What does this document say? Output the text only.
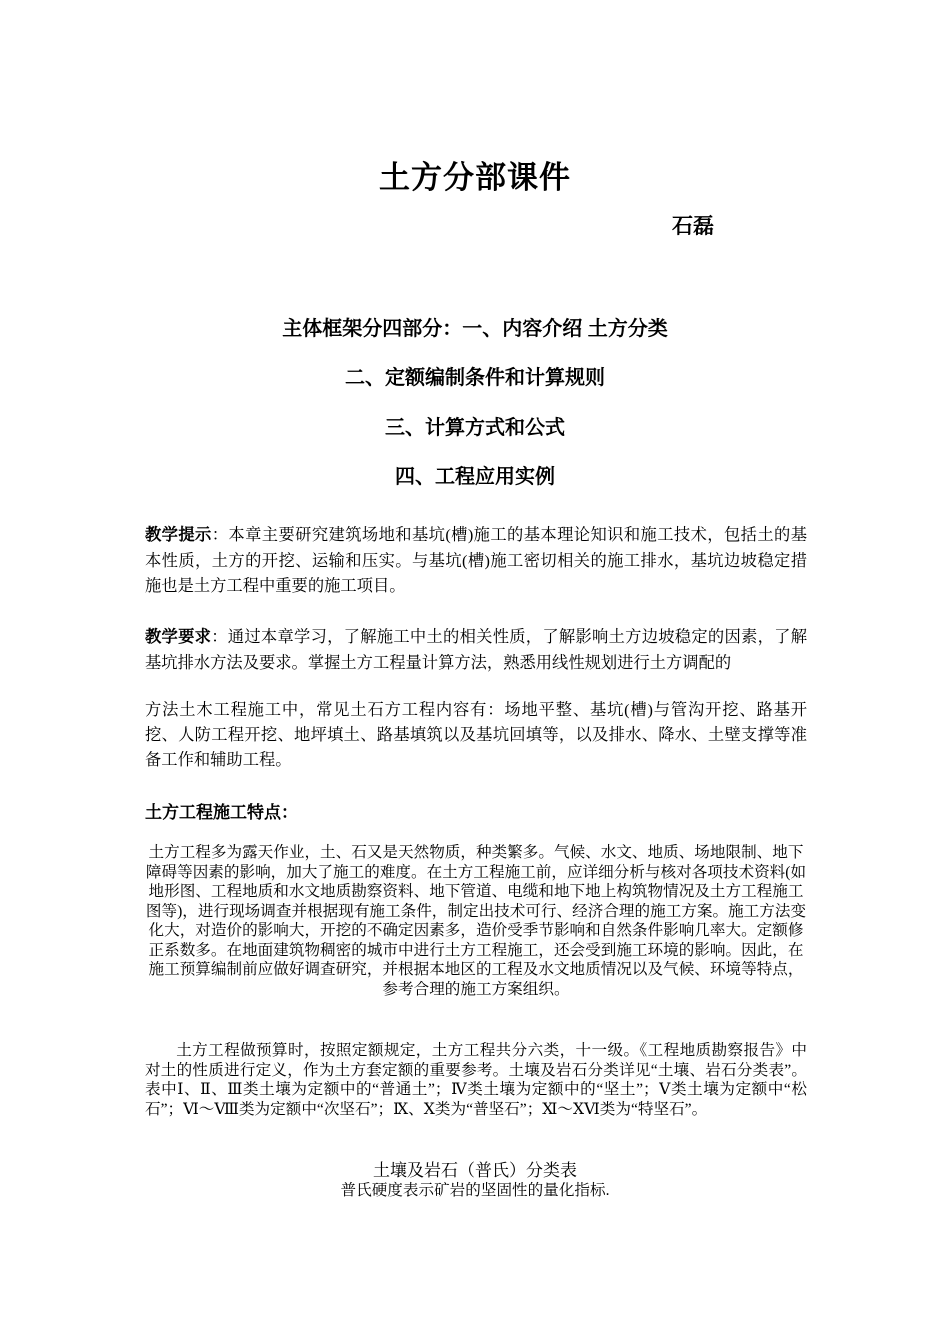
土方分部课件
石磊
主体框架分四部分：一、内容介绍 土方分类
二、定额编制条件和计算规则
三、计算方式和公式
四、工程应用实例
教学提示：本章主要研究建筑场地和基坑(槽)施工的基本理论知识和施工技术，包括土的基本性质，土方的开挖、运输和压实。与基坑(槽)施工密切相关的施工排水，基坑边坡稳定措施也是土方工程中重要的施工项目。
教学要求：通过本章学习，了解施工中土的相关性质，了解影响土方边坡稳定的因素，了解基坑排水方法及要求。掌握土方工程量计算方法，熟悉用线性规划进行土方调配的
方法土木工程施工中，常见土石方工程内容有：场地平整、基坑(槽)与管沟开挖、路基开挖、人防工程开挖、地坪填土、路基填筑以及基坑回填等，以及排水、降水、土壁支撑等准备工作和辅助工程。
土方工程施工特点：
土方工程多为露天作业，土、石又是天然物质，种类繁多。气候、水文、地质、场地限制、地下障碍等因素的影响，加大了施工的难度。在土方工程施工前，应详细分析与核对各项技术资料(如地形图、工程地质和水文地质勘察资料、地下管道、电缆和地下地上构筑物情况及土方工程施工图等)，进行现场调查并根据现有施工条件，制定出技术可行、经济合理的施工方案。施工方法变化大，对造价的影响大，开挖的不确定因素多，造价受季节影响和自然条件影响几率大。定额修正系数多。在地面建筑物稠密的城市中进行土方工程施工，还会受到施工环境的影响。因此，在施工预算编制前应做好调查研究，并根据本地区的工程及水文地质情况以及气候、环境等特点，参考合理的施工方案组织。
土方工程做预算时，按照定额规定，土方工程共分六类，十一级。《工程地质勘察报告》中对土的性质进行定义，作为土方套定额的重要参考。土壤及岩石分类详见“土壤、岩石分类表”。表中Ⅰ、Ⅱ、Ⅲ类土壤为定额中的“普通土”；Ⅳ类土壤为定额中的“坚土”；Ⅴ类土壤为定额中“松石”；Ⅵ～Ⅷ类为定额中“次坚石”；Ⅸ、Ⅹ类为“普坚石”；Ⅺ～ⅩⅥ类为“特坚石”。
土壤及岩石（普氏）分类表
普氏硬度表示矿岩的坚固性的量化指标.
